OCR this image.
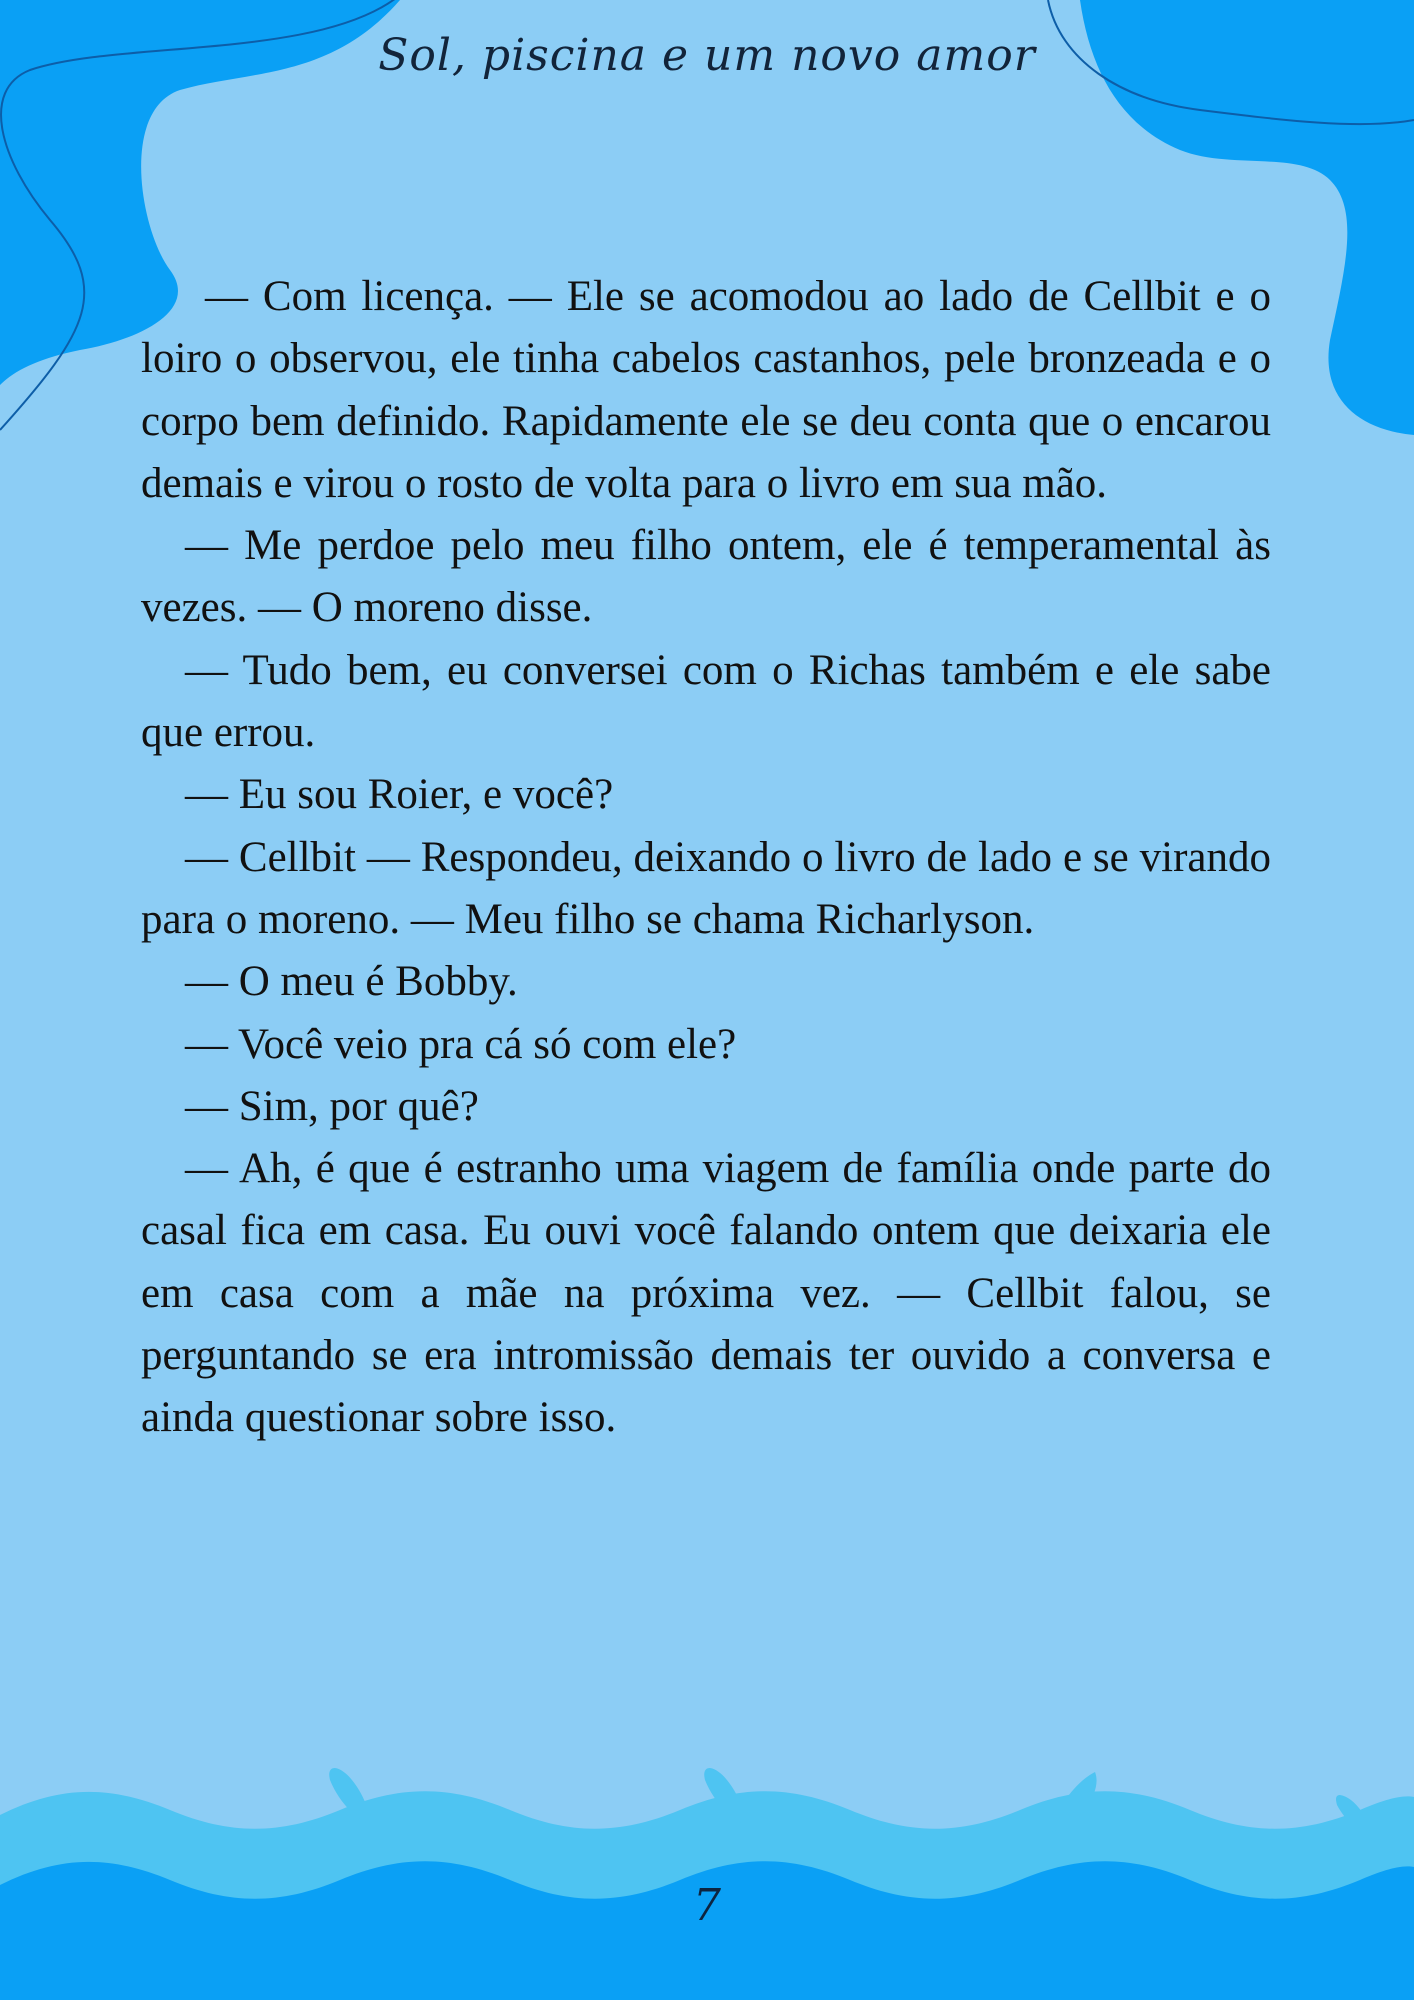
Sol, piscina e um novo amor

— Com licença. — Ele se acomodou ao lado de Cellbit e o loiro o observou, ele tinha cabelos castanhos, pele bronzeada e o corpo bem definido. Rapidamente ele se deu conta que o encarou demais e virou o rosto de volta para o livro em sua mão.

— Me perdoe pelo meu filho ontem, ele é temperamental às vezes. — O moreno disse.

— Tudo bem, eu conversei com o Richas também e ele sabe que errou.

— Eu sou Roier, e você?

— Cellbit — Respondeu, deixando o livro de lado e se virando para o moreno. — Meu filho se chama Richarlyson.

— O meu é Bobby.

— Você veio pra cá só com ele?

— Sim, por quê?

— Ah, é que é estranho uma viagem de família onde parte do casal fica em casa. Eu ouvi você falando ontem que deixaria ele em casa com a mãe na próxima vez. — Cellbit falou, se perguntando se era intromissão demais ter ouvido a conversa e ainda questionar sobre isso.

7
